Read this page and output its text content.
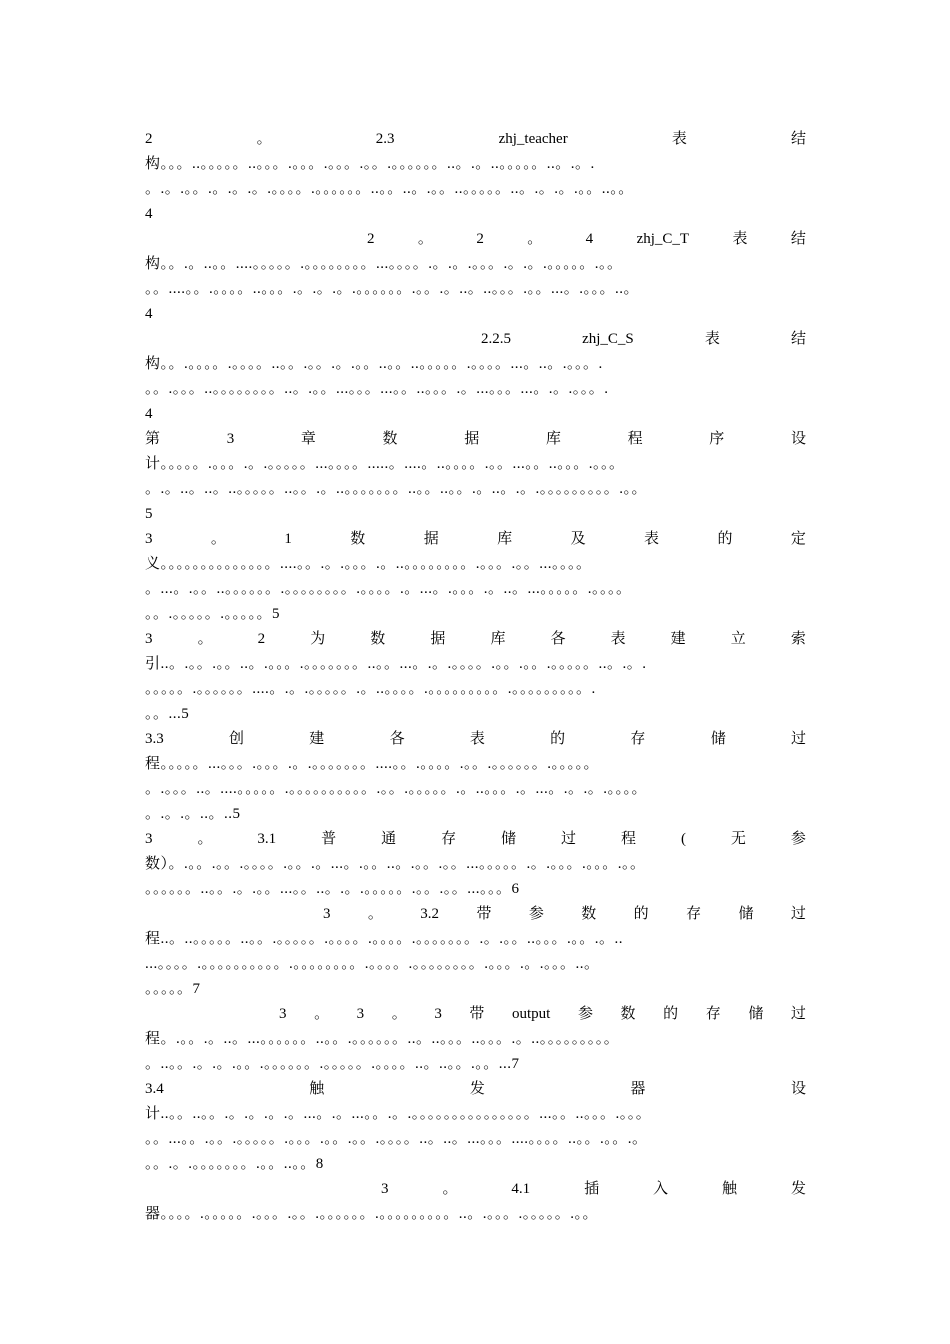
2	。	2.3	zhj_teacher	表	结
构。。。..。。。。。..。。。.。。。.。。。.。。.。。。。。。..。.。..。。。。。..。.。.
。.。.。。.。.。.。.。。。。.。。。。。。..。。..。.。。..。。。。。..。.。.。.。。..。。
4
2	。	2	。	4	zhj_C_T	表	结
构。。.。..。。....。。。。。.。。。。。。。。...。。。。.。.。.。。。.。.。.。。。。。.。。
。。....。。.。。。。..。。。.。.。.。.。。。。。。.。。.。..。..。。。.。。...。.。。。..。
4
2.2.5	zhj_C_S	表	结
构。。.。。。。.。。。。..。。.。。.。.。。..。。..。。。。。.。。。。...。..。.。。。.
。。.。。。..。。。。。。。。..。.。。...。。。...。。..。。。.。...。。。...。.。.。。。.
4
第	3	章	数	据	库	程	序	设
计。。。。。.。。。.。.。。。。。...。。。。.....。....。..。。。。.。。...。。..。。。.。。。
。.。..。..。..。。。。。..。。.。..。。。。。。。..。。..。。.。..。.。.。。。。。。。。。.。。
5
3	。	1	数	据	库	及	表	的	定
义。。。。。。。。。。。。。。....。。.。.。。。.。..。。。。。。。。.。。。.。。...。。。。
。...。.。。..。。。。。。.。。。。。。。。.。。。。.。...。.。。。.。..。...。。。。。.。。。。
。。.。。。。。.。。。。。5
3	。	2	为	数	据	库	各	表	建	立	索
引..。.。。.。。..。.。。。.。。。。。。。..。。...。.。.。。。。.。。.。。.。。。。。..。.。.
。。。。。.。。。。。。....。.。.。。。。。.。..。。。。.。。。。。。。。。.。。。。。。。。。.
。。...5
3.3	创	建	各	表	的	存	储	过
程。。。。。...。。。.。。。.。.。。。。。。。....。。.。。。。.。。.。。。。。。.。。。。。
。.。。。..。....。。。。。.。。。。。。。。。。.。。.。。。。。.。..。。。.。...。.。.。.。。。。
。.。.。..。..5
3	。	3.1	普	通	存	储	过	程	(	无	参
数）。.。。.。。.。。。。.。。.。...。.。。..。.。。.。。...。。。。。.。.。。。.。。。.。。
。。。。。。..。。.。.。。...。。..。.。.。。。。。.。。.。。...。。。6
3 。 3.2 带 参 数 的 存 储 过
程..。..。。。。。..。。.。。。。。.。。。。.。。。。.。。。。。。。.。.。。..。。。.。。.。..
...。。。。.。。。。。。。。。。.。。。。。。。。.。。。。.。。。。。。。。.。。。.。.。。。..。
。。。。。7
3 。 3 。 3 带 output 参 数 的 存 储 过
程。.。。.。..。...。。。。。。..。。.。。。。。。..。..。。。..。。。.。..。。。。。。。。。
。..。。.。.。.。。.。。。。。。.。。。。。.。。。。..。..。。.。。...7
3.4	触	发	器	设
计..。。..。。.。.。.。.。...。.。...。。.。.。。。。。。。。。。。。。。。...。。..。。。.。。。
。。...。。.。。.。。。。。.。。。.。。.。。.。。。。..。..。...。。。....。。。。..。。.。。.。
。。.。.。。。。。。。.。。..。。8
3	。	4.1	插	入	触	发
器。。。。.。。。。。.。。。.。。.。。。。。。.。。。。。。。。。..。.。。。.。。。。。.。。
